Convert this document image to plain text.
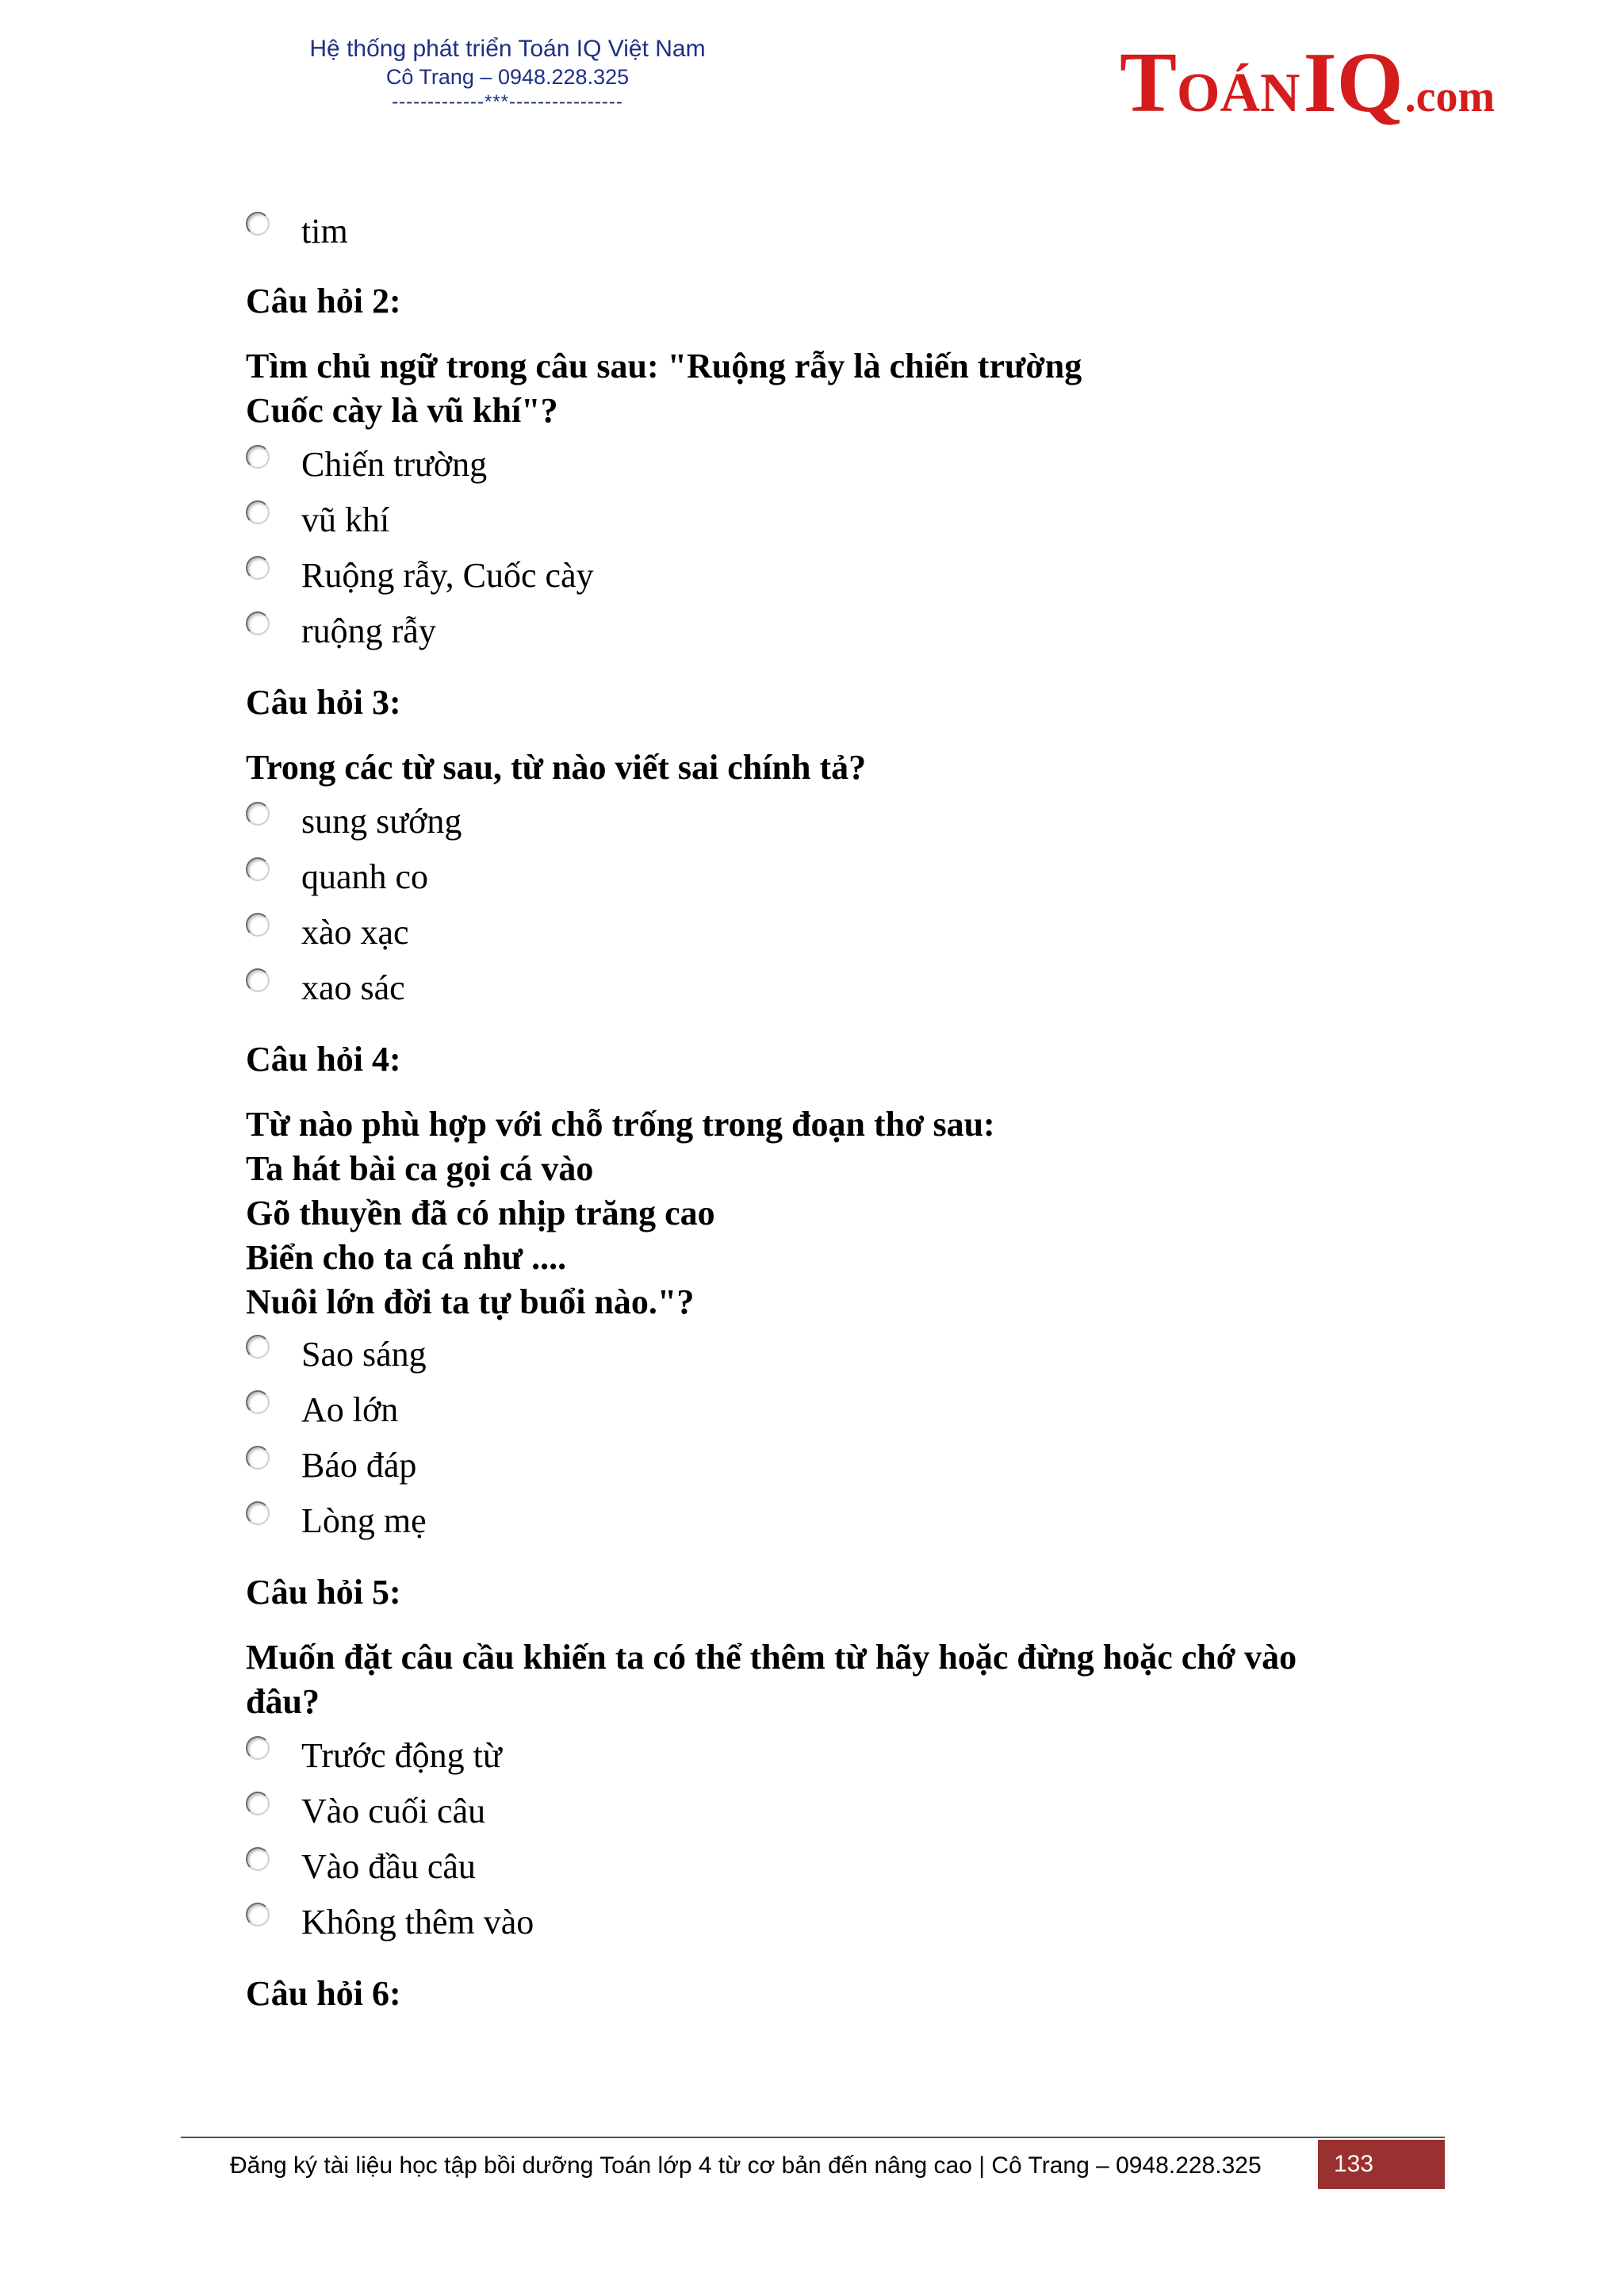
Hệ thống phát triển Toán IQ Việt Nam
Cô Trang – 0948.228.325
-------------***----------------	TOÁN IQ.com
tim
Câu hỏi 2:
Tìm chủ ngữ trong câu sau: "Ruộng rẫy là chiến trường
Cuốc cày là vũ khí"?
Chiến trường
vũ khí
Ruộng rẫy, Cuốc cày
ruộng rẫy
Câu hỏi 3:
Trong các từ sau, từ nào viết sai chính tả?
sung sướng
quanh co
xào xạc
xao sác
Câu hỏi 4:
Từ nào phù hợp với chỗ trống trong đoạn thơ sau:
Ta hát bài ca gọi cá vào
Gõ thuyền đã có nhịp trăng cao
Biển cho ta cá như ....
Nuôi lớn đời ta tự buổi nào."?
Sao sáng
Ao lớn
Báo đáp
Lòng mẹ
Câu hỏi 5:
Muốn đặt câu cầu khiến ta có thể thêm từ hãy hoặc đừng hoặc chớ vào
đâu?
Trước động từ
Vào cuối câu
Vào đầu câu
Không thêm vào
Câu hỏi 6:
Đăng ký tài liệu học tập bồi dưỡng Toán lớp 4 từ cơ bản đến nâng cao | Cô Trang – 0948.228.325	133
